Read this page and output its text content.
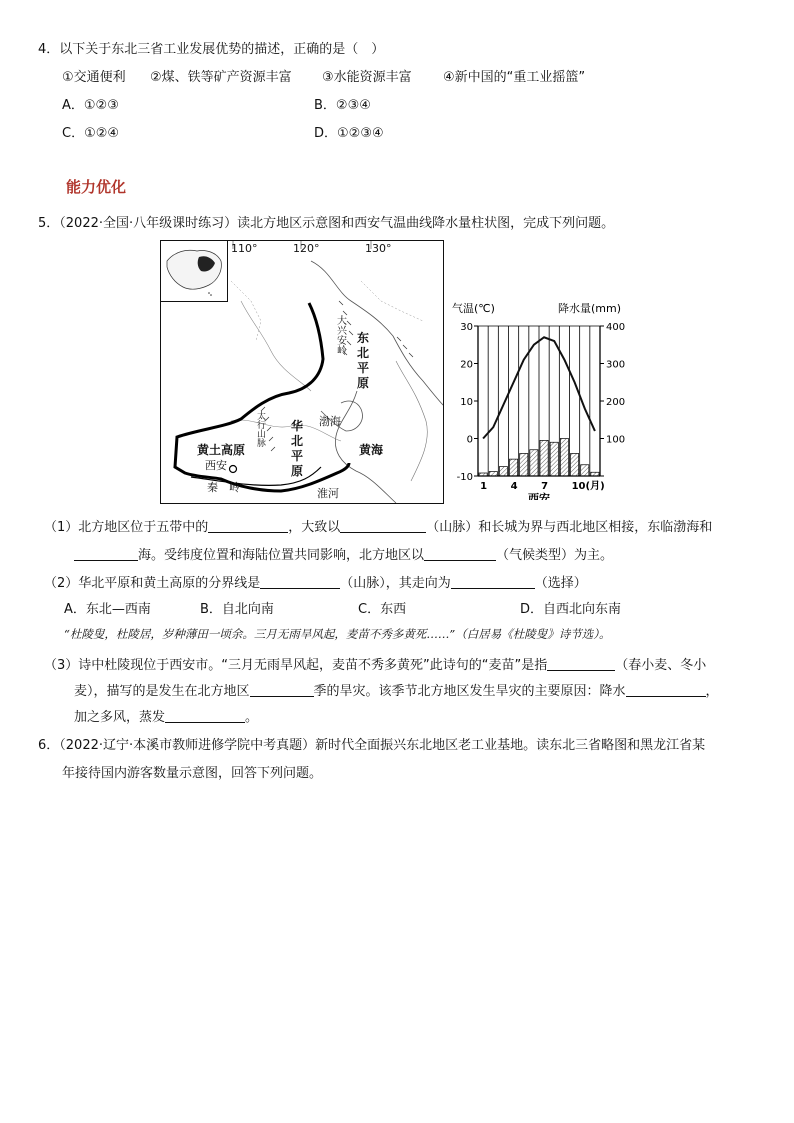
4．以下关于东北三省工业发展优势的描述，正确的是（　）
①交通便利 ②煤、铁等矿产资源丰富 ③水能资源丰富 ④新中国的“重工业摇篮”
A．①②③	B．②③④
C．①②④	D．①②③④
能力优化
5．（2022·全国·八年级课时练习）读北方地区示意图和西安气温曲线降水量柱状图，完成下列问题。
110°	120°	130°
大兴安岭
东
北
平
原
渤海
太行山脉
华
北
平
原
黄土高原
西安
秦　岭	淮河
黄海
气温(℃)	降水量(mm)
30
20
10
0
-10
400
300
200
100
1 4 7 10(月)
西安
（1）北方地区位于五带中的	，大致以	（山脉）和长城为界与西北地区相接，东临渤海和
海。受纬度位置和海陆位置共同影响，北方地区以	（气候类型）为主。
（2）华北平原和黄土高原的分界线是	（山脉），其走向为	（选择）
A．东北—西南	B．自北向南	C．东西	D．自西北向东南
“杜陵叟，杜陵居，岁种薄田一顷余。三月无雨旱风起，麦苗不秀多黄死……”（白居易《杜陵叟》诗节选）。
（3）诗中杜陵现位于西安市。“三月无雨旱风起，麦苗不秀多黄死”此诗句的“麦苗”是指	（春小麦、冬小
麦），描写的是发生在北方地区	季的旱灾。该季节北方地区发生旱灾的主要原因：降水	，
加之多风，蒸发	。
6．（2022·辽宁·本溪市教师进修学院中考真题）新时代全面振兴东北地区老工业基地。读东北三省略图和黑龙江省某
年接待国内游客数量示意图，回答下列问题。
